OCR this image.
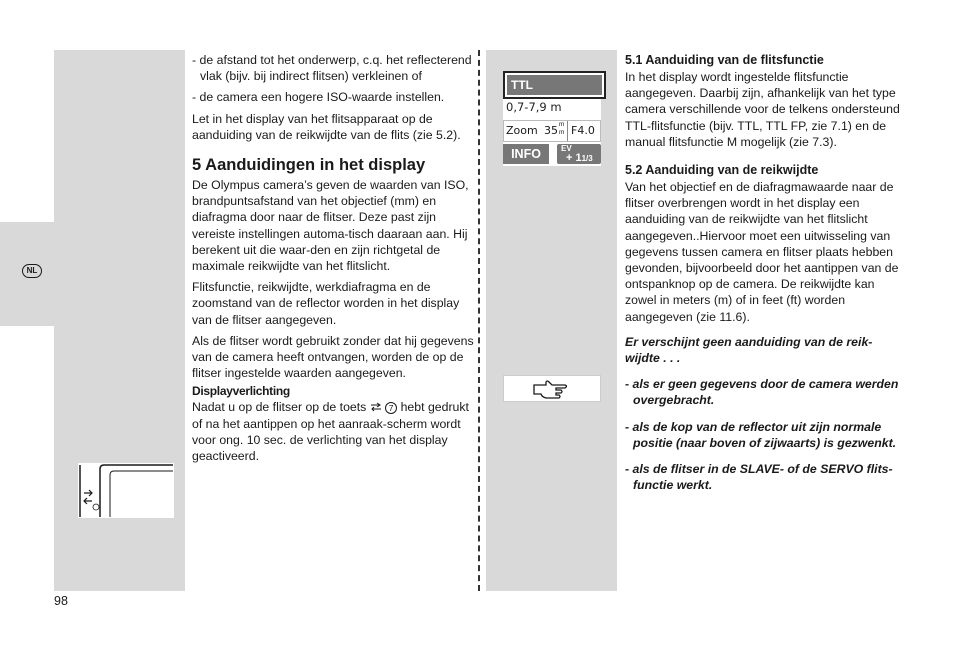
NL
TTL
0,7-7,9 m
Zoom 35 m
m F4.0
INFO	EV
+ 11/3

- de afstand tot het onderwerp, c.q. het reflecterend vlak (bijv. bij indirect flitsen) verkleinen of

- de camera een hogere ISO-waarde instellen.

Let in het display van het flitsapparaat op de aanduiding van de reikwijdte van de flits (zie 5.2).

5 Aanduidingen in het display

De Olympus camera’s geven de waarden van ISO, brandpuntsafstand van het objectief (mm) en diafragma door naar de flitser. Deze past zijn vereiste instellingen automa-tisch daaraan aan. Hij berekent uit die waar-den en zijn richtgetal de maximale reikwijdte van het flitslicht.

Flitsfunctie, reikwijdte, werkdiafragma en de zoomstand van de reflector worden in het display van de flitser aangegeven.

Als de flitser wordt gebruikt zonder dat hij gegevens van de camera heeft ontvangen, worden de op de flitser ingestelde waarden aangegeven.

Displayverlichting

Nadat u op de flitser op de toets  7 hebt gedrukt of na het aantippen op het aanraak-scherm wordt voor ong. 10 sec. de verlichting van het display geactiveerd.

5.1 Aanduiding van de flitsfunctie

In het display wordt ingestelde flitsfunctie aangegeven. Daarbij zijn, afhankelijk van het type camera verschillende voor de telkens ondersteund TTL-flitsfunctie (bijv. TTL, TTL FP, zie 7.1) en de manual flitsfunctie M mogelijk (zie 7.3).

5.2 Aanduiding van de reikwijdte

Van het objectief en de diafragmawaarde naar de flitser overbrengen wordt in het display een aanduiding van de reikwijdte van het flitslicht aangegeven..Hiervoor moet een uitwisseling van gegevens tussen camera en flitser plaats hebben gevonden, bijvoorbeeld door het aantippen van de ontspanknop op de camera. De reikwijdte kan zowel in meters (m) of in feet (ft) worden aangegeven (zie 11.6).

Er verschijnt geen aanduiding van de reik-wijdte . . .

- als er geen gegevens door de camera werden overgebracht.

- als de kop van de reflector uit zijn normale positie (naar boven of zijwaarts) is gezwenkt.

- als de flitser in de SLAVE- of de SERVO flits-functie werkt.

98
